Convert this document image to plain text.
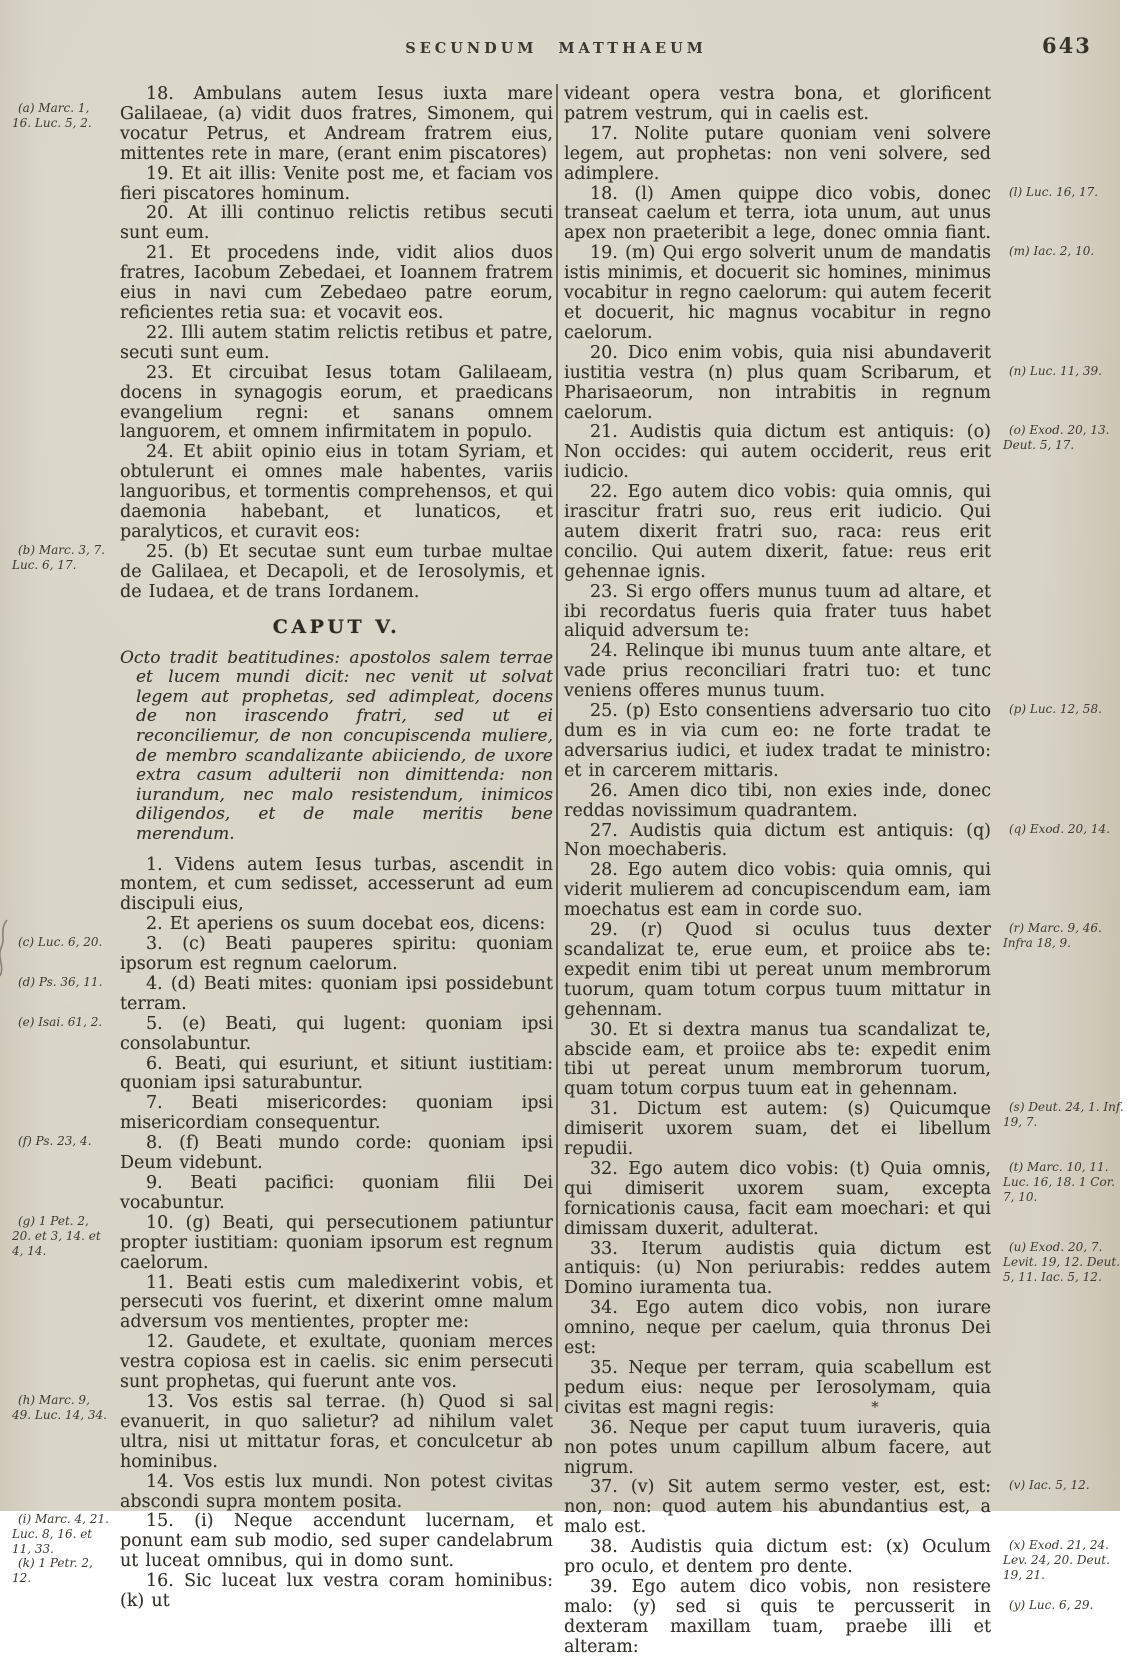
SECUNDUM MATTHAEUM	643

18. Ambulans autem Iesus iuxta mare Galilaeae, (a) vidit duos fratres, Simonem, qui vocatur Petrus, et Andream fratrem eius, mittentes rete in mare, (erant enim piscatores)
(a) Marc. 1, 16. Luc. 5, 2.

19. Et ait illis: Venite post me, et faciam vos fieri piscatores hominum.

20. At illi continuo relictis retibus secuti sunt eum.

21. Et procedens inde, vidit alios duos fratres, Iacobum Zebedaei, et Ioannem fratrem eius in navi cum Zebedaeo patre eorum, reficientes retia sua: et vocavit eos.

22. Illi autem statim relictis retibus et patre, secuti sunt eum.

23. Et circuibat Iesus totam Galilaeam, docens in synagogis eorum, et praedicans evangelium regni: et sanans omnem languorem, et omnem infirmitatem in populo.

24. Et abiit opinio eius in totam Syriam, et obtulerunt ei omnes male habentes, variis languoribus, et tormentis comprehensos, et qui daemonia habebant, et lunaticos, et paralyticos, et curavit eos:

25. (b) Et secutae sunt eum turbae multae de Galilaea, et Decapoli, et de Ierosolymis, et de Iudaea, et de trans Iordanem.
(b) Marc. 3, 7. Luc. 6, 17.

CAPUT V.

Octo tradit beatitudines: apostolos salem terrae et lucem mundi dicit: nec venit ut solvat legem aut prophetas, sed adimpleat, docens de non irascendo fratri, sed ut ei reconciliemur, de non concupiscenda muliere, de membro scandalizante abiiciendo, de uxore extra casum adulterii non dimittenda: non iurandum, nec malo resistendum, inimicos diligendos, et de male meritis bene merendum.

1. Videns autem Iesus turbas, ascendit in montem, et cum sedisset, accesserunt ad eum discipuli eius,

2. Et aperiens os suum docebat eos, dicens:

3. (c) Beati pauperes spiritu: quoniam ipsorum est regnum caelorum.
(c) Luc. 6, 20.

4. (d) Beati mites: quoniam ipsi possidebunt terram.
(d) Ps. 36, 11.

5. (e) Beati, qui lugent: quoniam ipsi consolabuntur.
(e) Isai. 61, 2.

6. Beati, qui esuriunt, et sitiunt iustitiam: quoniam ipsi saturabuntur.

7. Beati misericordes: quoniam ipsi misericordiam consequentur.

8. (f) Beati mundo corde: quoniam ipsi Deum videbunt.
(f) Ps. 23, 4.

9. Beati pacifici: quoniam filii Dei vocabuntur.

10. (g) Beati, qui persecutionem patiuntur propter iustitiam: quoniam ipsorum est regnum caelorum.
(g) 1 Pet. 2, 20. et 3, 14. et 4, 14.

11. Beati estis cum maledixerint vobis, et persecuti vos fuerint, et dixerint omne malum adversum vos mentientes, propter me:

12. Gaudete, et exultate, quoniam merces vestra copiosa est in caelis. sic enim persecuti sunt prophetas, qui fuerunt ante vos.

13. Vos estis sal terrae. (h) Quod si sal evanuerit, in quo salietur? ad nihilum valet ultra, nisi ut mittatur foras, et conculcetur ab hominibus.
(h) Marc. 9, 49. Luc. 14, 34.

14. Vos estis lux mundi. Non potest civitas abscondi supra montem posita.

15. (i) Neque accendunt lucernam, et ponunt eam sub modio, sed super candelabrum ut luceat omnibus, qui in domo sunt.
(i) Marc. 4, 21. Luc. 8, 16. et 11, 33.

16. Sic luceat lux vestra coram hominibus: (k) ut
(k) 1 Petr. 2, 12.

videant opera vestra bona, et glorificent patrem vestrum, qui in caelis est.

17. Nolite putare quoniam veni solvere legem, aut prophetas: non veni solvere, sed adimplere.

18. (l) Amen quippe dico vobis, donec transeat caelum et terra, iota unum, aut unus apex non praeteribit a lege, donec omnia fiant.
(l) Luc. 16, 17.

19. (m) Qui ergo solverit unum de mandatis istis minimis, et docuerit sic homines, minimus vocabitur in regno caelorum: qui autem fecerit et docuerit, hic magnus vocabitur in regno caelorum.
(m) Iac. 2, 10.

20. Dico enim vobis, quia nisi abundaverit iustitia vestra (n) plus quam Scribarum, et Pharisaeorum, non intrabitis in regnum caelorum.
(n) Luc. 11, 39.

21. Audistis quia dictum est antiquis: (o) Non occides: qui autem occiderit, reus erit iudicio.
(o) Exod. 20, 13. Deut. 5, 17.

22. Ego autem dico vobis: quia omnis, qui irascitur fratri suo, reus erit iudicio. Qui autem dixerit fratri suo, raca: reus erit concilio. Qui autem dixerit, fatue: reus erit gehennae ignis.

23. Si ergo offers munus tuum ad altare, et ibi recordatus fueris quia frater tuus habet aliquid adversum te:

24. Relinque ibi munus tuum ante altare, et vade prius reconciliari fratri tuo: et tunc veniens offeres munus tuum.

25. (p) Esto consentiens adversario tuo cito dum es in via cum eo: ne forte tradat te adversarius iudici, et iudex tradat te ministro: et in carcerem mittaris.
(p) Luc. 12, 58.

26. Amen dico tibi, non exies inde, donec reddas novissimum quadrantem.

27. Audistis quia dictum est antiquis: (q) Non moechaberis.
(q) Exod. 20, 14.

28. Ego autem dico vobis: quia omnis, qui viderit mulierem ad concupiscendum eam, iam moechatus est eam in corde suo.

29. (r) Quod si oculus tuus dexter scandalizat te, erue eum, et proiice abs te: expedit enim tibi ut pereat unum membrorum tuorum, quam totum corpus tuum mittatur in gehennam.
(r) Marc. 9, 46. Infra 18, 9.

30. Et si dextra manus tua scandalizat te, abscide eam, et proiice abs te: expedit enim tibi ut pereat unum membrorum tuorum, quam totum corpus tuum eat in gehennam.

31. Dictum est autem: (s) Quicumque dimiserit uxorem suam, det ei libellum repudii.
(s) Deut. 24, 1. Inf. 19, 7.

32. Ego autem dico vobis: (t) Quia omnis, qui dimiserit uxorem suam, excepta fornicationis causa, facit eam moechari: et qui dimissam duxerit, adulterat.
(t) Marc. 10, 11. Luc. 16, 18. 1 Cor. 7, 10.

33. Iterum audistis quia dictum est antiquis: (u) Non periurabis: reddes autem Domino iuramenta tua.
(u) Exod. 20, 7. Levit. 19, 12. Deut. 5, 11. Iac. 5, 12.

34. Ego autem dico vobis, non iurare omnino, neque per caelum, quia thronus Dei est:

35. Neque per terram, quia scabellum est pedum eius: neque per Ierosolymam, quia civitas est magni regis:

36. Neque per caput tuum iuraveris, quia non potes unum capillum album facere, aut nigrum.

37. (v) Sit autem sermo vester, est, est: non, non: quod autem his abundantius est, a malo est.
(v) Iac. 5, 12.

38. Audistis quia dictum est: (x) Oculum pro oculo, et dentem pro dente.
(x) Exod. 21, 24. Lev. 24, 20. Deut. 19, 21.

39. Ego autem dico vobis, non resistere malo: (y) sed si quis te percusserit in dexteram maxillam tuam, praebe illi et alteram:
(y) Luc. 6, 29.

*
